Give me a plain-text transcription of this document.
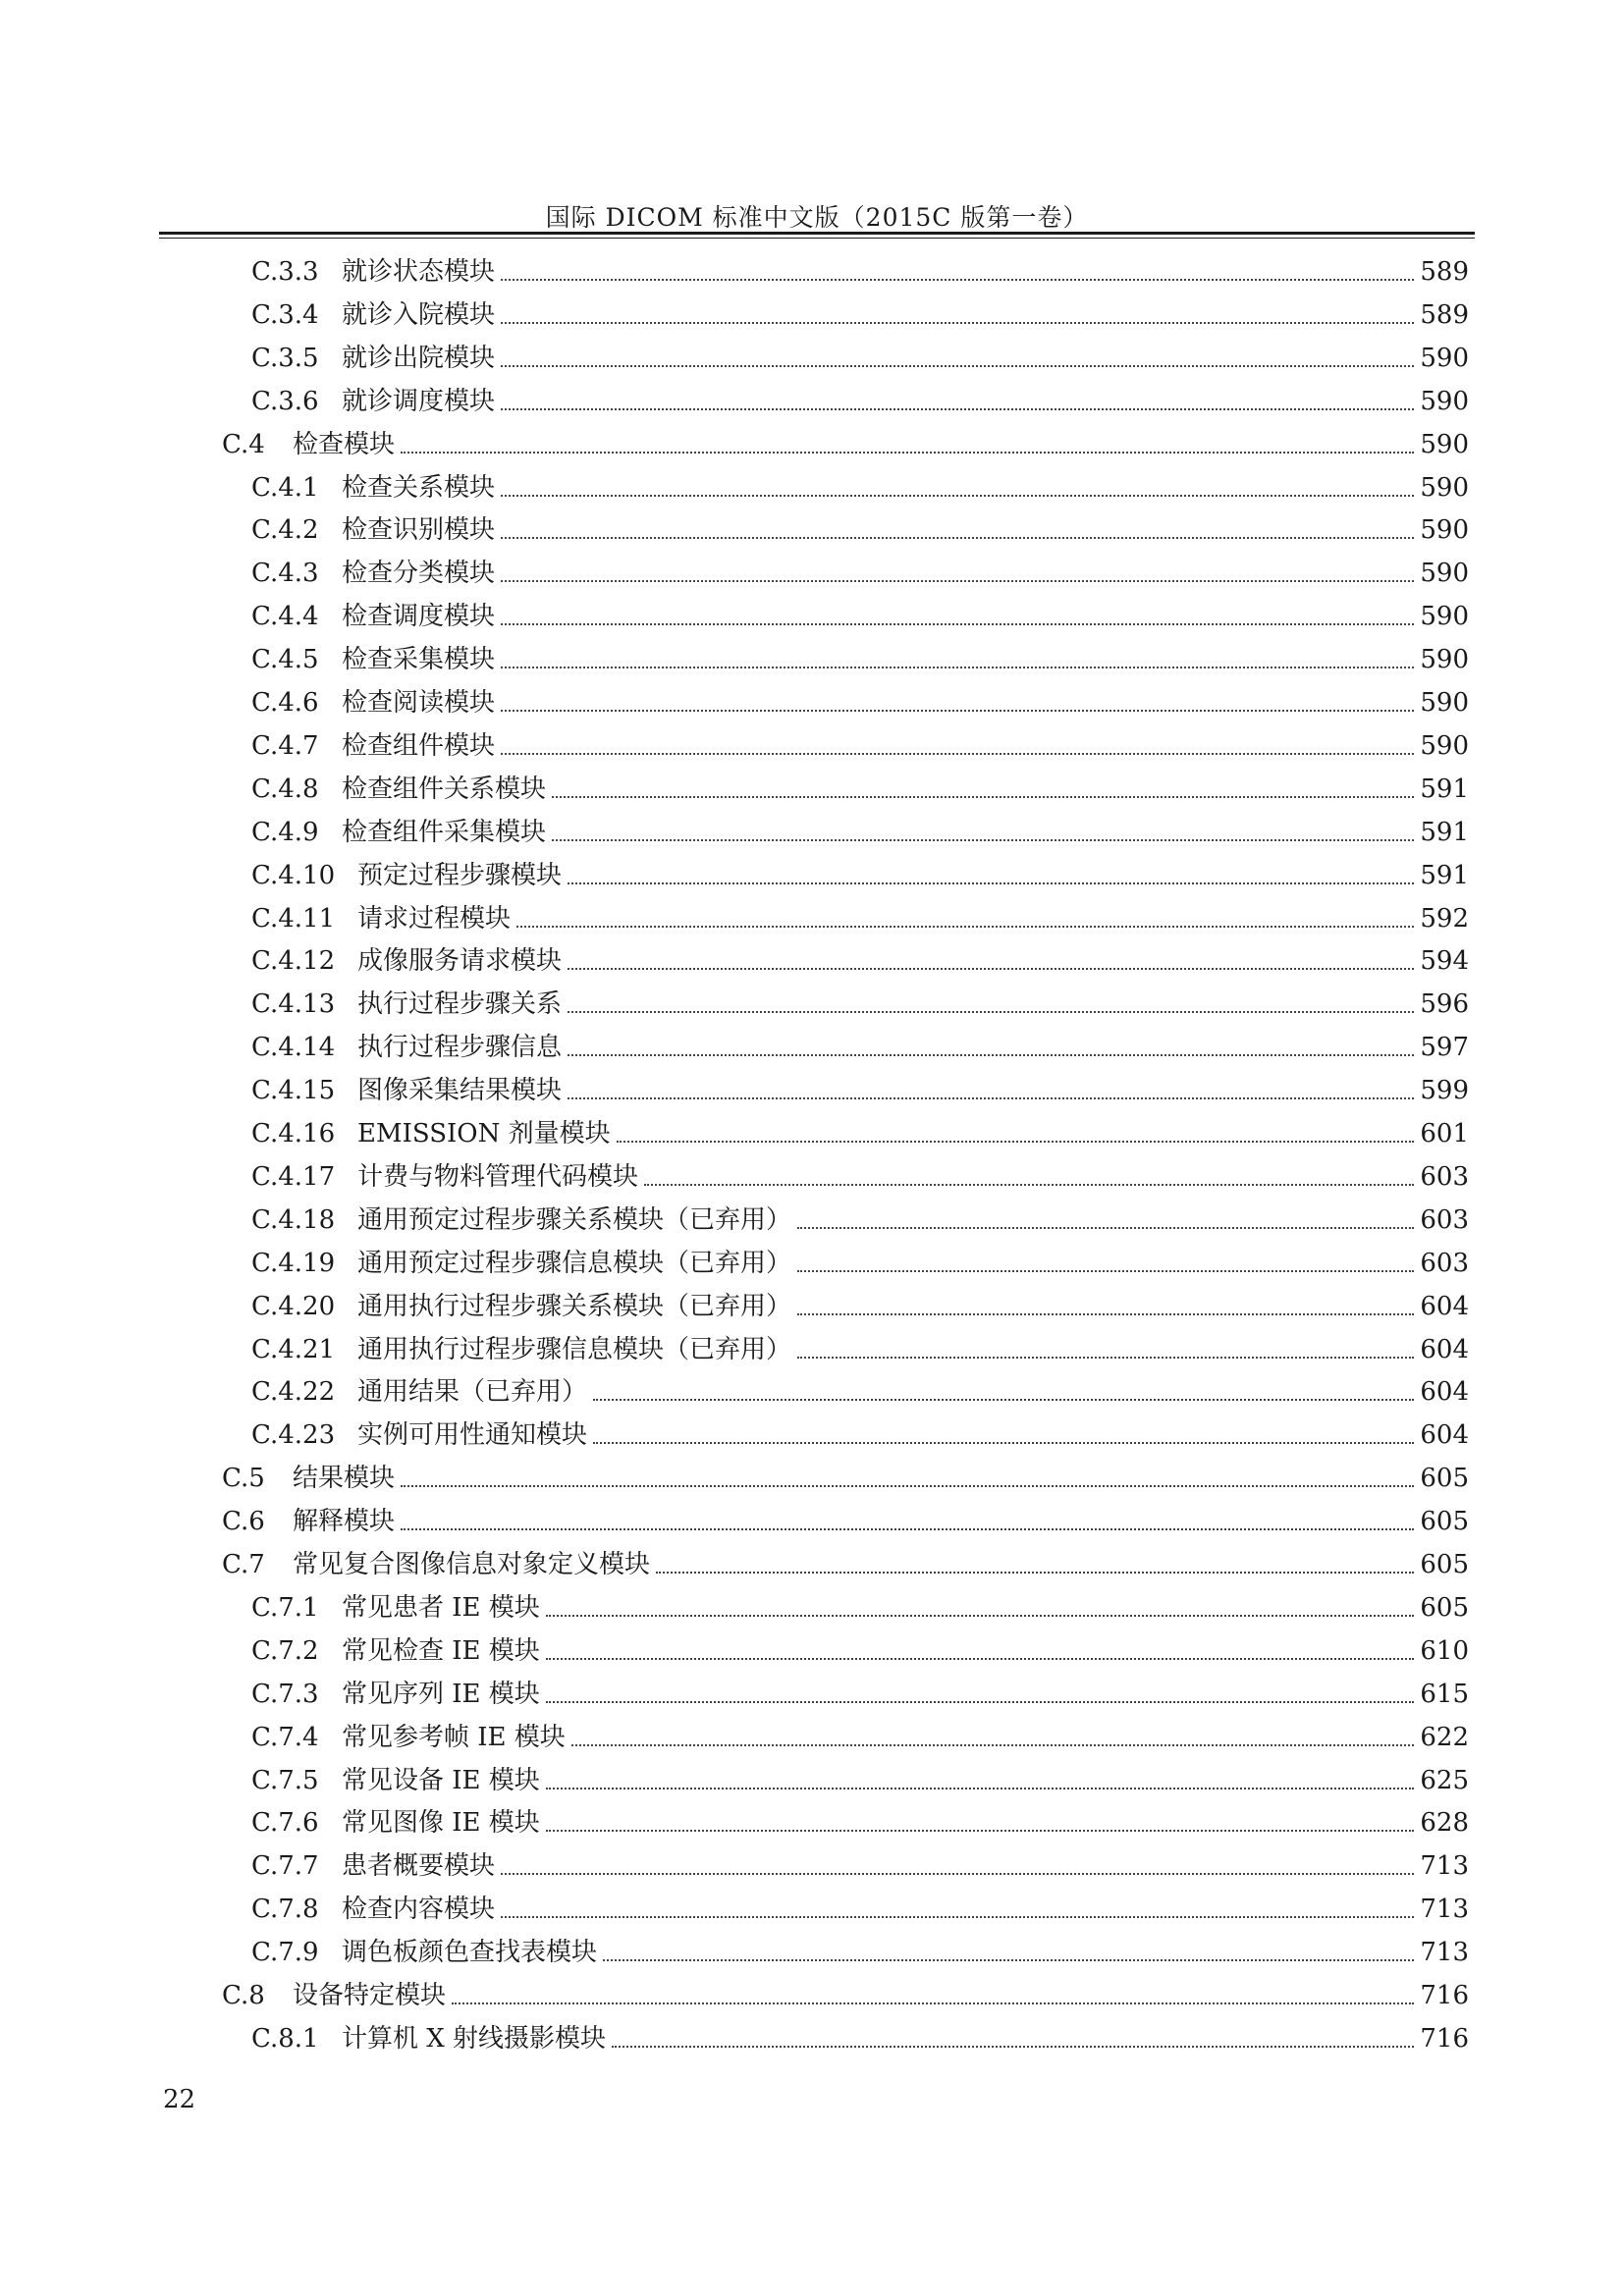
国际 DICOM 标准中文版（2015C 版第一卷）
C.3.3 就诊状态模块	589
C.3.4 就诊入院模块	589
C.3.5 就诊出院模块	590
C.3.6 就诊调度模块	590
C.4	检查模块	590
C.4.1 检查关系模块	590
C.4.2 检查识别模块	590
C.4.3 检查分类模块	590
C.4.4 检查调度模块	590
C.4.5 检查采集模块	590
C.4.6 检查阅读模块	590
C.4.7 检查组件模块	590
C.4.8 检查组件关系模块	591
C.4.9 检查组件采集模块	591
C.4.10 预定过程步骤模块	591
C.4.11 请求过程模块	592
C.4.12 成像服务请求模块	594
C.4.13 执行过程步骤关系	596
C.4.14 执行过程步骤信息	597
C.4.15 图像采集结果模块	599
C.4.16 EMISSION 剂量模块	601
C.4.17 计费与物料管理代码模块	603
C.4.18 通用预定过程步骤关系模块（已弃用）	603
C.4.19 通用预定过程步骤信息模块（已弃用）	603
C.4.20 通用执行过程步骤关系模块（已弃用）	604
C.4.21 通用执行过程步骤信息模块（已弃用）	604
C.4.22 通用结果（已弃用）	604
C.4.23 实例可用性通知模块	604
C.5	结果模块	605
C.6	解释模块	605
C.7	常见复合图像信息对象定义模块	605
C.7.1 常见患者 IE 模块	605
C.7.2 常见检查 IE 模块	610
C.7.3 常见序列 IE 模块	615
C.7.4 常见参考帧 IE 模块	622
C.7.5 常见设备 IE 模块	625
C.7.6 常见图像 IE 模块	628
C.7.7 患者概要模块	713
C.7.8 检查内容模块	713
C.7.9 调色板颜色查找表模块	713
C.8	设备特定模块	716
C.8.1 计算机 X 射线摄影模块	716
22
